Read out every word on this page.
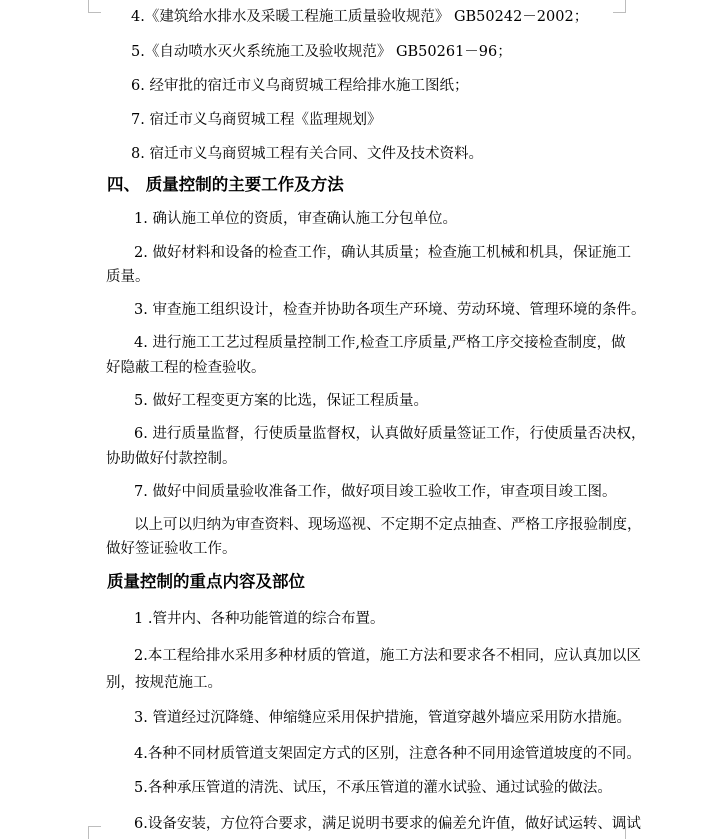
4.《建筑给水排水及采暖工程施工质量验收规范》 GB50242－2002；
5.《自动喷水灭火系统施工及验收规范》 GB50261－96；
6. 经审批的宿迁市义乌商贸城工程给排水施工图纸；
7. 宿迁市义乌商贸城工程《监理规划》
8. 宿迁市义乌商贸城工程有关合同、文件及技术资料。
四、 质量控制的主要工作及方法
1. 确认施工单位的资质，审查确认施工分包单位。
2. 做好材料和设备的检查工作，确认其质量；检查施工机械和机具，保证施工
质量。
3. 审查施工组织设计，检查并协助各项生产环境、劳动环境、管理环境的条件。
4. 进行施工工艺过程质量控制工作,检查工序质量,严格工序交接检查制度，做
好隐蔽工程的检查验收。
5. 做好工程变更方案的比选，保证工程质量。
6. 进行质量监督，行使质量监督权，认真做好质量签证工作，行使质量否决权，
协助做好付款控制。
7. 做好中间质量验收准备工作，做好项目竣工验收工作，审查项目竣工图。
以上可以归纳为审查资料、现场巡视、不定期不定点抽查、严格工序报验制度，
做好签证验收工作。
质量控制的重点内容及部位
1 .管井内、各种功能管道的综合布置。
2.本工程给排水采用多种材质的管道，施工方法和要求各不相同，应认真加以区
别，按规范施工。
3. 管道经过沉降缝、伸缩缝应采用保护措施，管道穿越外墙应采用防水措施。
4.各种不同材质管道支架固定方式的区别，注意各种不同用途管道坡度的不同。
5.各种承压管道的清洗、试压，不承压管道的灌水试验、通过试验的做法。
6.设备安装，方位符合要求，满足说明书要求的偏差允许值，做好试运转、调试
